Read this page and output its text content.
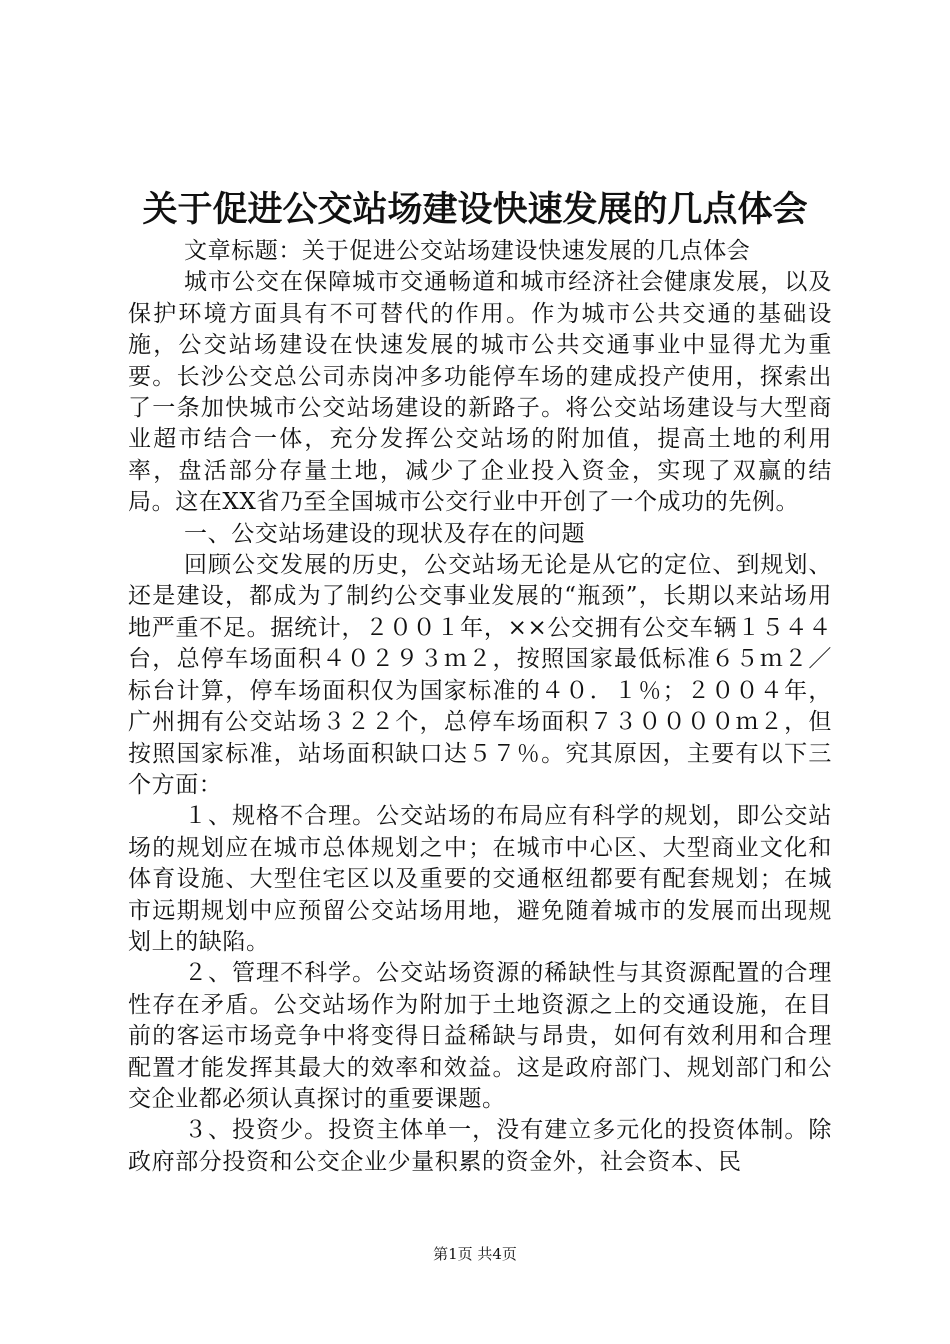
关于促进公交站场建设快速发展的几点体会

文章标题：关于促进公交站场建设快速发展的几点体会

城市公交在保障城市交通畅道和城市经济社会健康发展，以及保护环境方面具有不可替代的作用。作为城市公共交通的基础设施，公交站场建设在快速发展的城市公共交通事业中显得尤为重要。长沙公交总公司赤岗冲多功能停车场的建成投产使用，探索出了一条加快城市公交站场建设的新路子。将公交站场建设与大型商业超市结合一体，充分发挥公交站场的附加值，提高土地的利用率，盘活部分存量土地，减少了企业投入资金，实现了双赢的结局。这在XX省乃至全国城市公交行业中开创了一个成功的先例。

一、公交站场建设的现状及存在的问题

回顾公交发展的历史，公交站场无论是从它的定位、到规划、还是建设，都成为了制约公交事业发展的“瓶颈”，长期以来站场用地严重不足。据统计，２００１年，××公交拥有公交车辆１５４４台，总停车场面积４０２９３ｍ２，按照国家最低标准６５ｍ２／标台计算，停车场面积仅为国家标准的４０．１％；２００４年，广州拥有公交站场３２２个，总停车场面积７３００００ｍ２，但按照国家标准，站场面积缺口达５７％。究其原因，主要有以下三个方面：

１、规格不合理。公交站场的布局应有科学的规划，即公交站场的规划应在城市总体规划之中；在城市中心区、大型商业文化和体育设施、大型住宅区以及重要的交通枢纽都要有配套规划；在城市远期规划中应预留公交站场用地，避免随着城市的发展而出现规划上的缺陷。

２、管理不科学。公交站场资源的稀缺性与其资源配置的合理性存在矛盾。公交站场作为附加于土地资源之上的交通设施，在目前的客运市场竞争中将变得日益稀缺与昂贵，如何有效利用和合理配置才能发挥其最大的效率和效益。这是政府部门、规划部门和公交企业都必须认真探讨的重要课题。

３、投资少。投资主体单一，没有建立多元化的投资体制。除政府部分投资和公交企业少量积累的资金外，社会资本、民

第1页 共4页
